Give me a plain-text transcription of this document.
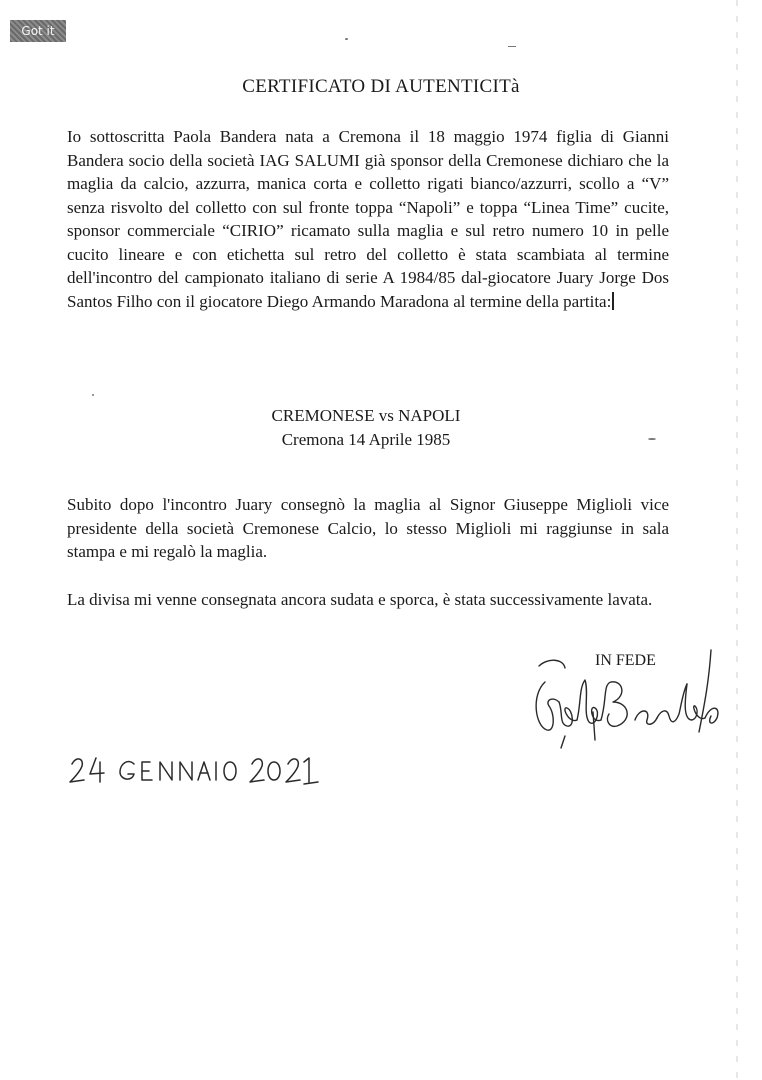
Got it
CERTIFICATO DI AUTENTICITà

Io sottoscritta Paola Bandera nata a Cremona il 18 maggio 1974 figlia di Gianni Bandera socio della società IAG SALUMI già sponsor della Cremonese dichiaro che la maglia da calcio, azzurra, manica corta e colletto rigati bianco/azzurri, scollo a “V” senza risvolto del colletto con sul fronte toppa “Napoli” e toppa “Linea Time” cucite, sponsor commerciale “CIRIO” ricamato sulla maglia e sul retro numero 10 in pelle cucito lineare e con etichetta sul retro del colletto è stata scambiata al termine dell'incontro del campionato italiano di serie A 1984/85 dal-giocatore Juary Jorge Dos Santos Filho con il giocatore Diego Armando Maradona al termine della partita:

CREMONESE vs NAPOLI

Cremona 14 Aprile 1985

Subito dopo l'incontro Juary consegnò la maglia al Signor Giuseppe Miglioli vice presidente della società Cremonese Calcio, lo stesso Miglioli mi raggiunse in sala stampa e mi regalò la maglia.

La divisa mi venne consegnata ancora sudata e sporca, è stata successivamente lavata.

IN FEDE
